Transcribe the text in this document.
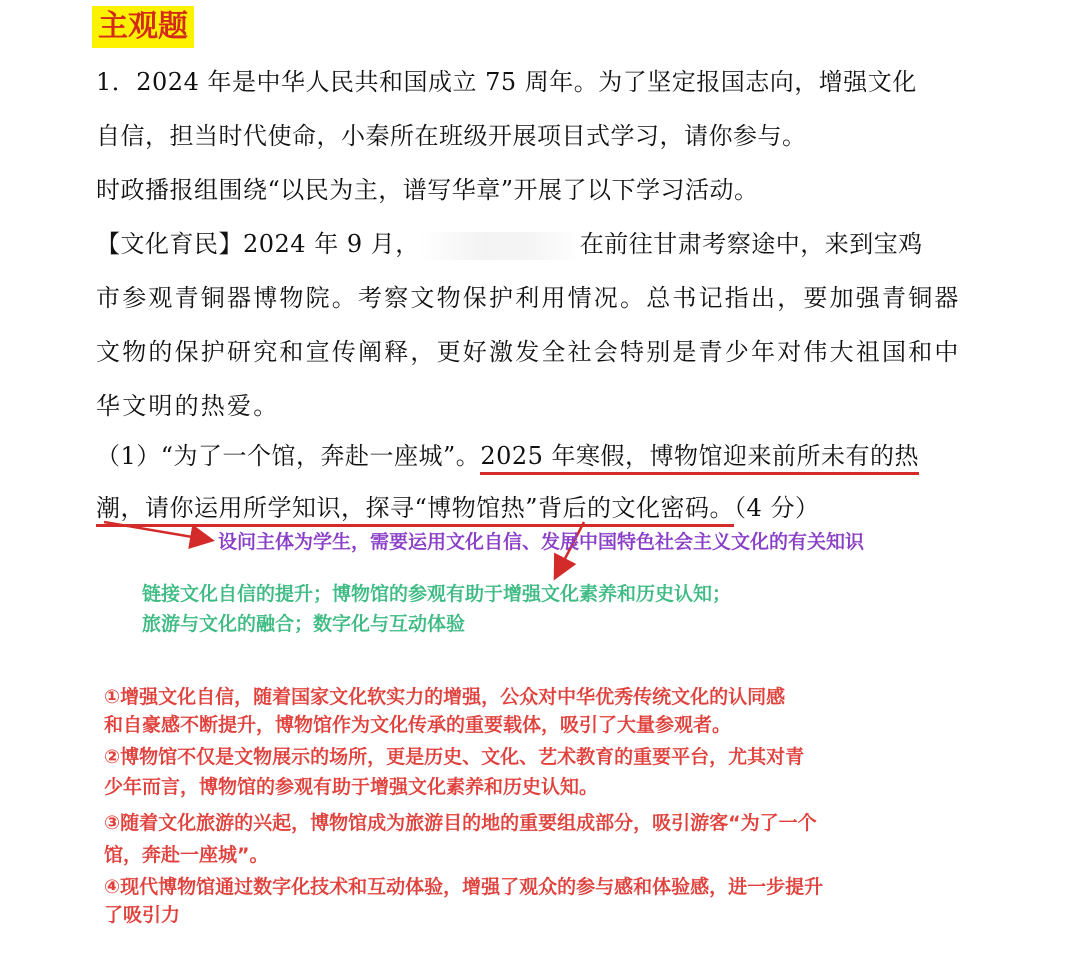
主观题
1．2024 年是中华人民共和国成立 75 周年。为了坚定报国志向，增强文化
自信，担当时代使命，小秦所在班级开展项目式学习，请你参与。
时政播报组围绕“以民为主，谱写华章”开展了以下学习活动。
【文化育民】2024 年 9 月，	在前往甘肃考察途中，来到宝鸡
市参观青铜器博物院。考察文物保护利用情况。总书记指出，要加强青铜器
文物的保护研究和宣传阐释，更好激发全社会特别是青少年对伟大祖国和中
华文明的热爱。
（1）“为了一个馆，奔赴一座城”。2025 年寒假，博物馆迎来前所未有的热
潮，请你运用所学知识，探寻“博物馆热”背后的文化密码。（4 分）
设问主体为学生，需要运用文化自信、发展中国特色社会主义文化的有关知识
链接文化自信的提升；博物馆的参观有助于增强文化素养和历史认知；
旅游与文化的融合；数字化与互动体验
①增强文化自信，随着国家文化软实力的增强，公众对中华优秀传统文化的认同感
和自豪感不断提升，博物馆作为文化传承的重要载体，吸引了大量参观者。
②博物馆不仅是文物展示的场所，更是历史、文化、艺术教育的重要平台，尤其对青
少年而言，博物馆的参观有助于增强文化素养和历史认知。
③随着文化旅游的兴起，博物馆成为旅游目的地的重要组成部分，吸引游客“为了一个
馆，奔赴一座城”。
④现代博物馆通过数字化技术和互动体验，增强了观众的参与感和体验感，进一步提升
了吸引力
